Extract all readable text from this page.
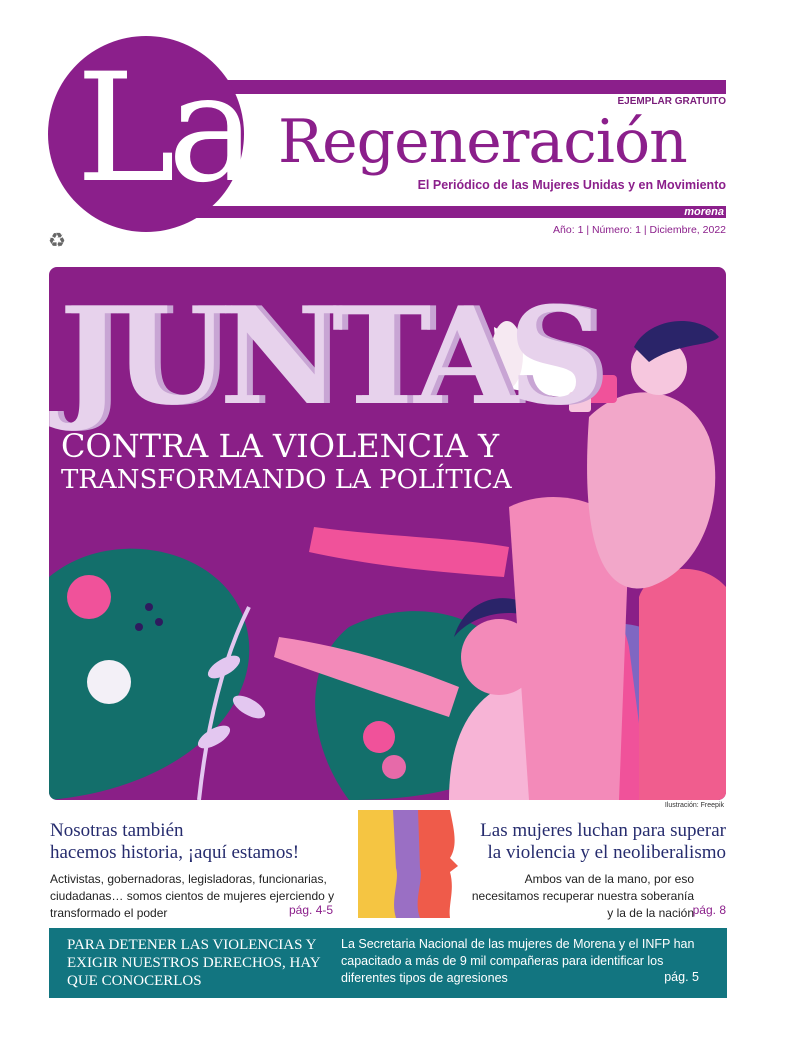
La	EJEMPLAR GRATUITO
Regeneración
El Periódico de las Mujeres Unidas y en Movimiento
morena
Año: 1 | Número: 1 | Diciembre, 2022
♻
JUNTAS
CONTRA LA VIOLENCIA Y
TRANSFORMANDO LA POLÍTICA
Ilustración: Freepik
Nosotras también
hacemos historia, ¡aquí estamos!
Activistas, gobernadoras, legisladoras, funcionarias, ciudadanas… somos cientos de mujeres ejerciendo y transformado el poder	pág. 4-5
Las mujeres luchan para superar
la violencia y el neoliberalismo
Ambos van de la mano, por eso necesitamos recuperar nuestra soberanía y la de la nación
pág. 8
PARA DETENER LAS VIOLENCIAS Y EXIGIR NUESTROS DERECHOS, HAY QUE CONOCERLOS
La Secretaria Nacional de las mujeres de Morena y el INFP han capacitado a más de 9 mil compañeras para identificar los diferentes tipos de agresiones	pág. 5
